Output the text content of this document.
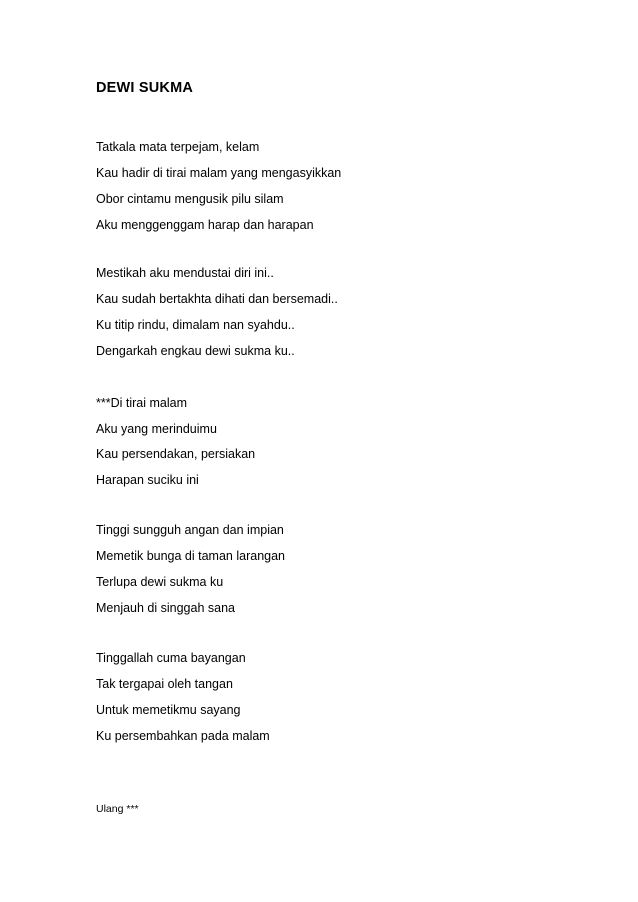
DEWI SUKMA
Tatkala mata terpejam, kelam
Kau hadir di tirai malam yang mengasyikkan
Obor cintamu mengusik pilu silam
Aku menggenggam harap dan harapan
Mestikah aku mendustai diri ini..
Kau sudah bertakhta dihati dan bersemadi..
Ku titip rindu, dimalam nan syahdu..
Dengarkah engkau dewi sukma ku..
***Di tirai malam
Aku yang merinduimu
Kau persendakan, persiakan
Harapan suciku ini
Tinggi sungguh angan dan impian
Memetik bunga di taman larangan
Terlupa dewi sukma ku
Menjauh di singgah sana
Tinggallah cuma bayangan
Tak tergapai oleh tangan
Untuk memetikmu sayang
Ku persembahkan pada malam
Ulang ***
